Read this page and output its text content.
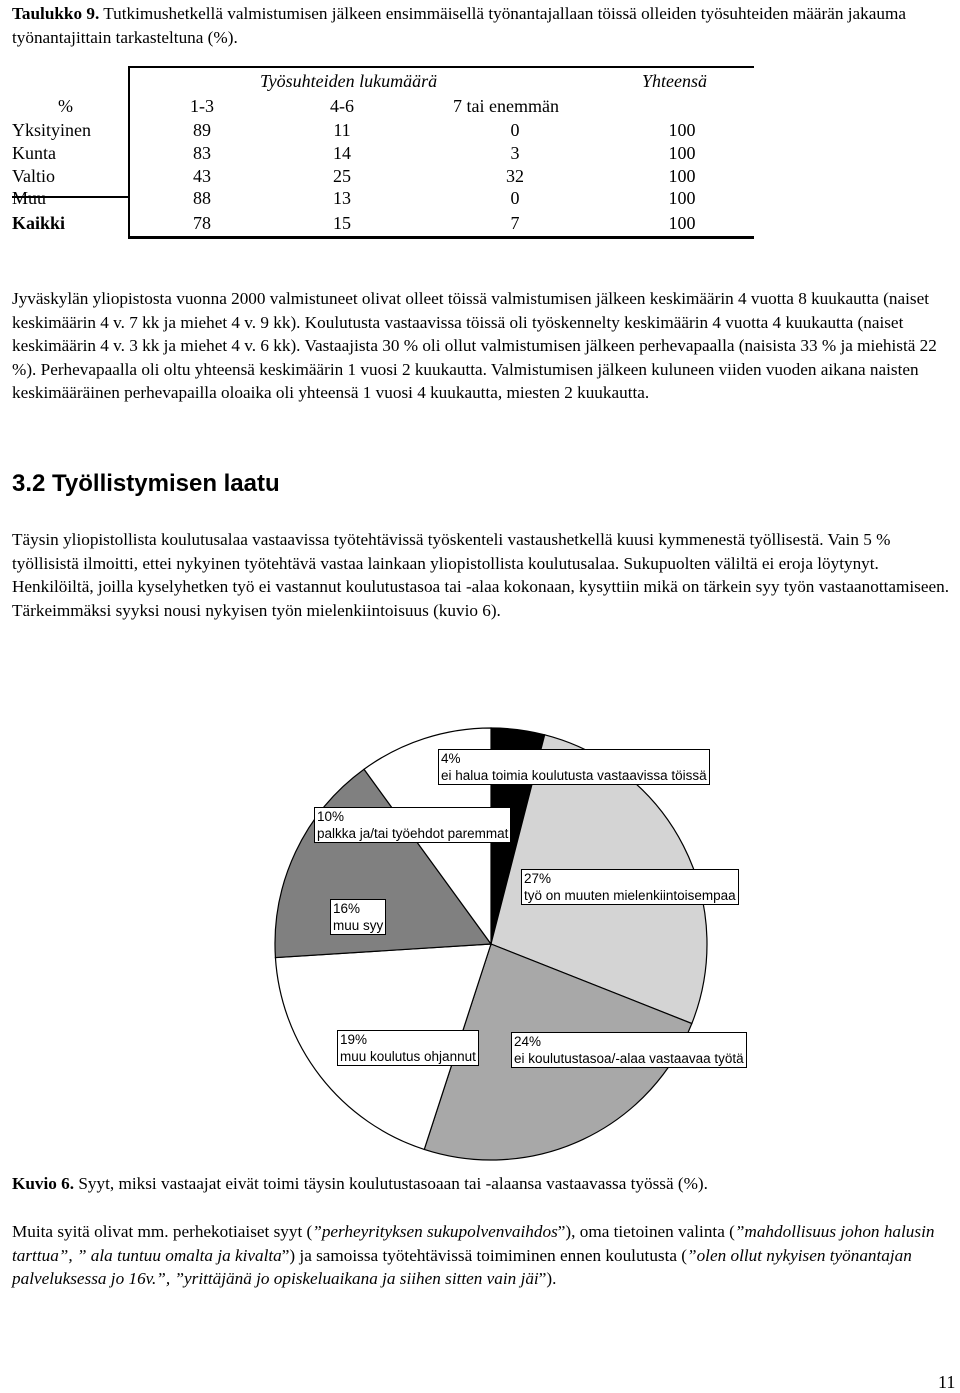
Taulukko 9. Tutkimushetkellä valmistumisen jälkeen ensimmäisellä työnantajallaan töissä olleiden työsuhteiden määrän jakauma työnantajittain tarkasteltuna (%).

Työsuhteiden lukumäärä	Yhteensä
%	1-3	4-6	7 tai enemmän
Yksityinen	89	11	0	100
Kunta	83	14	3	100
Valtio	43	25	32	100
Muu	88	13	0	100
Kaikki	78	15	7	100

Jyväskylän yliopistosta vuonna 2000 valmistuneet olivat olleet töissä valmistumisen jälkeen keskimäärin 4 vuotta 8 kuukautta (naiset keskimäärin 4 v. 7 kk ja miehet 4 v. 9 kk). Koulutusta vastaavissa töissä oli työskennelty keskimäärin 4 vuotta 4 kuukautta (naiset keskimäärin 4 v. 3 kk ja miehet 4 v. 6 kk). Vastaajista 30 % oli ollut valmistumisen jälkeen perhevapaalla (naisista 33 % ja miehistä 22 %). Perhevapaalla oli oltu yhteensä keskimäärin 1 vuosi 2 kuukautta. Valmistumisen jälkeen kuluneen viiden vuoden aikana naisten keskimääräinen perhevapailla oloaika oli yhteensä 1 vuosi 4 kuukautta, miesten 2 kuukautta.

3.2 Työllistymisen laatu

Täysin yliopistollista koulutusalaa vastaavissa työtehtävissä työskenteli vastaushetkellä kuusi kymmenestä työllisestä. Vain 5 % työllisistä ilmoitti, ettei nykyinen työtehtävä vastaa lainkaan yliopistollista koulutusalaa. Sukupuolten väliltä ei eroja löytynyt. Henkilöiltä, joilla kyselyhetken työ ei vastannut koulutustasoa tai -alaa kokonaan, kysyttiin mikä on tärkein syy työn vastaanottamiseen. Tärkeimmäksi syyksi nousi nykyisen työn mielenkiintoisuus (kuvio 6).

4%
ei halua toimia koulutusta vastaavissa töissä
10%
palkka ja/tai työehdot paremmat
27%
työ on muuten mielenkiintoisempaa
16%
muu syy
19%
muu koulutus ohjannut
24%
ei koulutustasoa/-alaa vastaavaa työtä

Kuvio 6. Syyt, miksi vastaajat eivät toimi täysin koulutustasoaan tai -alaansa vastaavassa työssä (%).

Muita syitä olivat mm. perhekotiaiset syyt (”perheyrityksen sukupolvenvaihdos”), oma tietoinen valinta (”mahdollisuus johon halusin tarttua”, ” ala tuntuu omalta ja kivalta”) ja samoissa työtehtävissä toimiminen ennen koulutusta (”olen ollut nykyisen työnantajan palveluksessa jo 16v.”, ”yrittäjänä jo opiskeluaikana ja siihen sitten vain jäi”).

11
